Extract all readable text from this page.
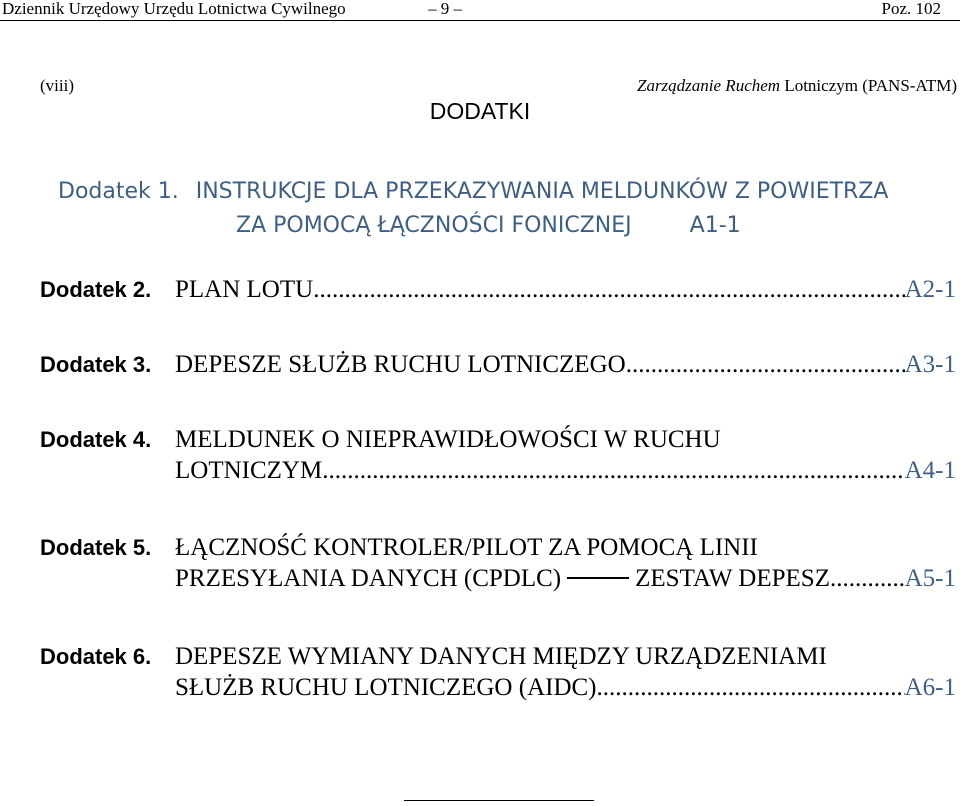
Dziennik Urzędowy Urzędu Lotnictwa Cywilnego	– 9 –	Poz. 102
(viii)	Zarządzanie Ruchem Lotniczym (PANS-ATM)
DODATKI
Dodatek 1. INSTRUKCJE DLA PRZEKAZYWANIA MELDUNKÓW Z POWIETRZA
ZA POMOCĄ ŁĄCZNOŚCI FONICZNEJ	A1-1
Dodatek 2. PLAN LOTU .....	A2-1
Dodatek 3. DEPESZE SŁUŻB RUCHU LOTNICZEGO .....	A3-1
Dodatek 4. MELDUNEK O NIEPRAWIDŁOWOŚCI W RUCHU
LOTNICZYM .....	A4-1
Dodatek 5. ŁĄCZNOŚĆ KONTROLER/PILOT ZA POMOCĄ LINII
PRZESYŁANIA DANYCH (CPDLC)	ZESTAW DEPESZ .....	A5-1
Dodatek 6. DEPESZE WYMIANY DANYCH MIĘDZY URZĄDZENIAMI
SŁUŻB RUCHU LOTNICZEGO (AIDC) .....	A6-1
